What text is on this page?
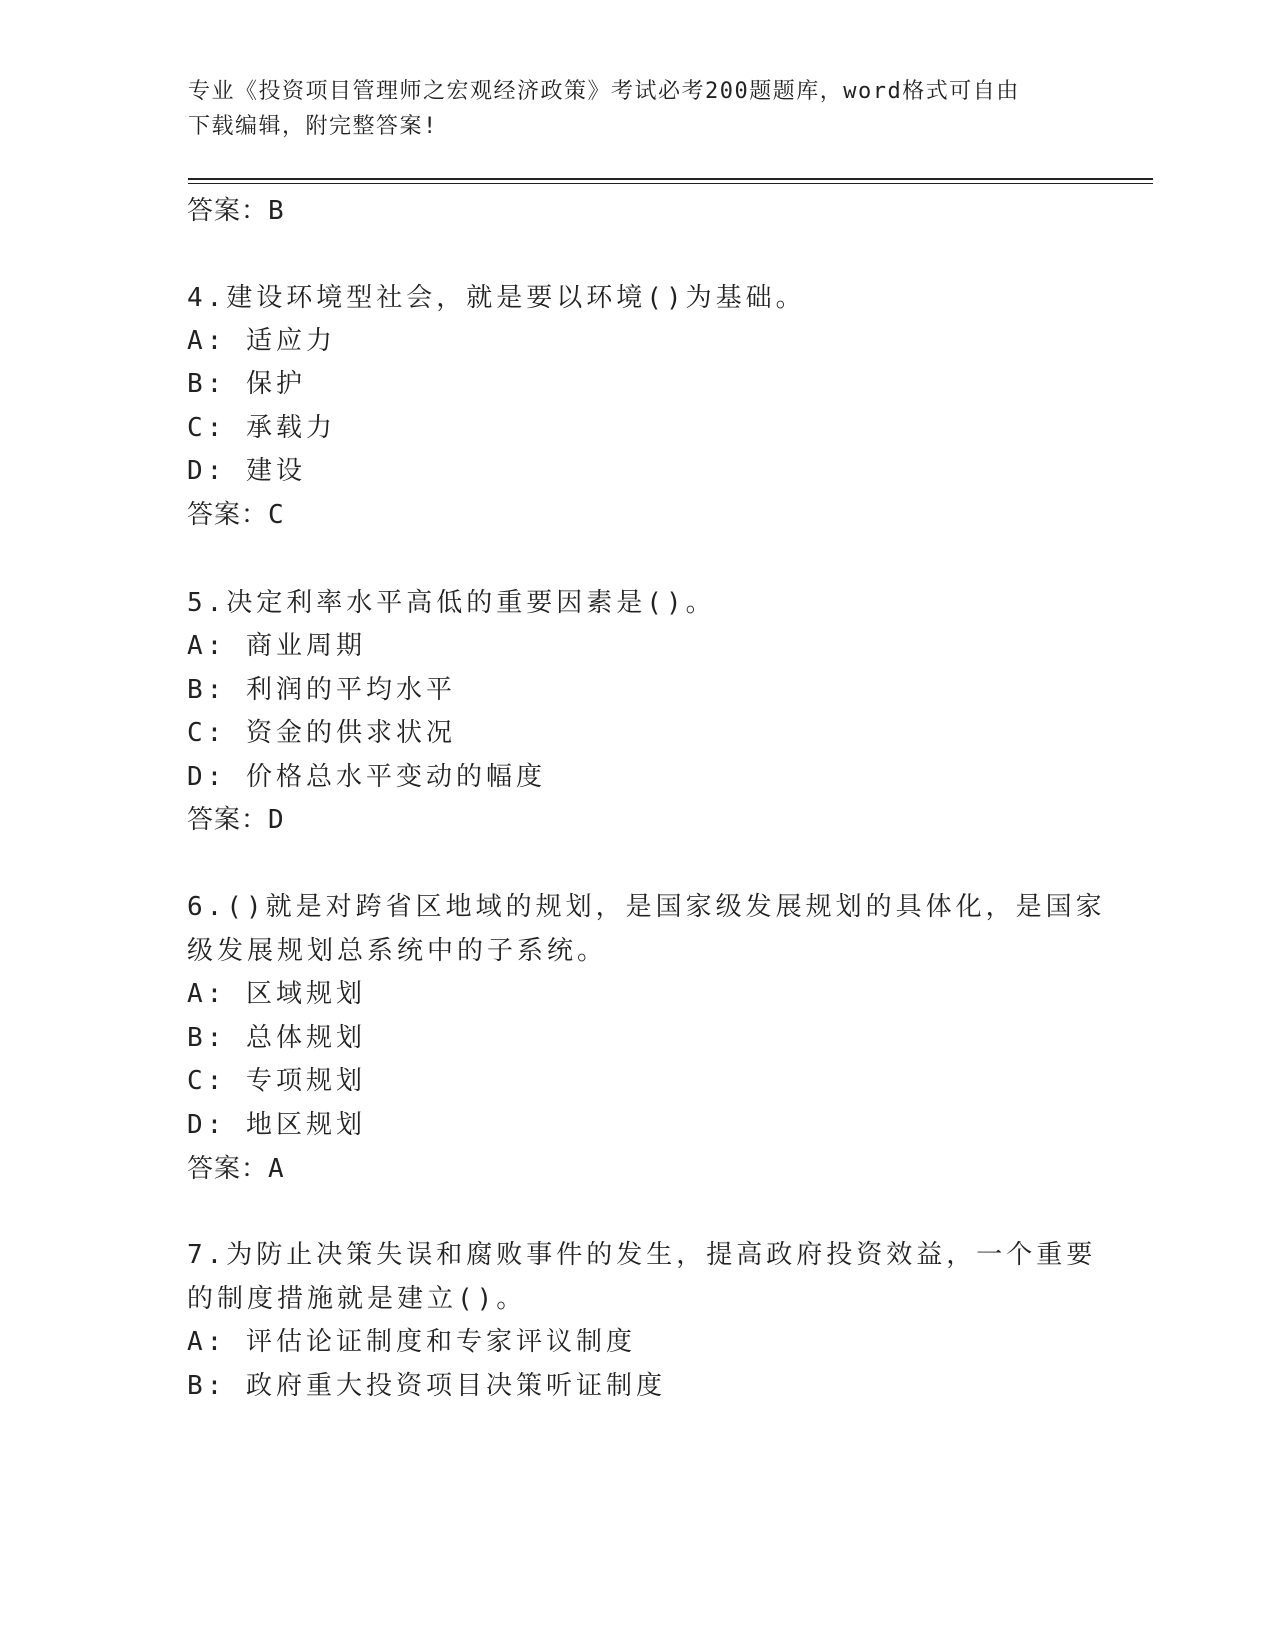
专业《投资项目管理师之宏观经济政策》考试必考200题题库，word格式可自由
下载编辑，附完整答案!
答案：B
4.建设环境型社会，就是要以环境()为基础。
A: 适应力
B: 保护
C: 承载力
D: 建设
答案：C
5.决定利率水平高低的重要因素是()。
A: 商业周期
B: 利润的平均水平
C: 资金的供求状况
D: 价格总水平变动的幅度
答案：D
6.()就是对跨省区地域的规划，是国家级发展规划的具体化，是国家
级发展规划总系统中的子系统。
A: 区域规划
B: 总体规划
C: 专项规划
D: 地区规划
答案：A
7.为防止决策失误和腐败事件的发生，提高政府投资效益，一个重要
的制度措施就是建立()。
A: 评估论证制度和专家评议制度
B: 政府重大投资项目决策听证制度
